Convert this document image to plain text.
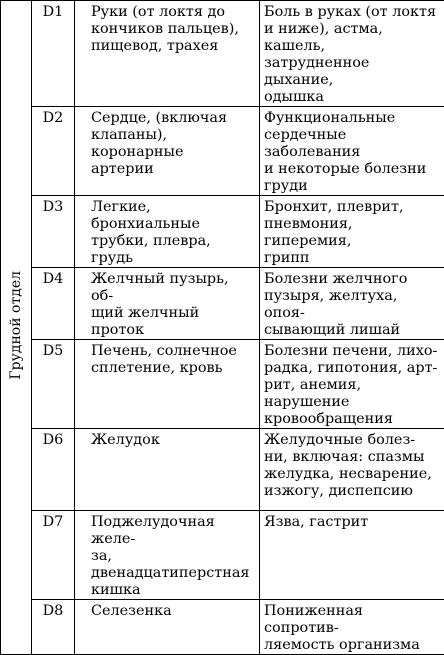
Грудной отдел	D1	Руки (от локтя до
кончиков пальцев),
пищевод, трахея	Боль в руках (от локтя
и ниже), астма, кашель,
затрудненное дыхание,
одышка
	D2	Сердце, (включая
клапаны), коронарные
артерии	Функциональные
сердечные заболевания
и некоторые болезни
груди
	D3	Легкие, бронхиальные
трубки, плевра, грудь	Бронхит, плеврит,
пневмония, гиперемия,
грипп
	D4	Желчный пузырь, об-
щий желчный проток	Болезни желчного
пузыря, желтуха, опоя-
сывающий лишай
	D5	Печень, солнечное
сплетение, кровь	Болезни печени, лихо-
радка, гипотония, арт-
рит, анемия, нарушение
кровообращения
	D6	Желудок	Желудочные болез-
ни, включая: спазмы
желудка, несварение,
изжогу, диспепсию
	D7	Поджелудочная желе-
за, двенадцатиперстная
кишка	Язва, гастрит
	D8	Селезенка	Пониженная сопротив-
ляемость организма
